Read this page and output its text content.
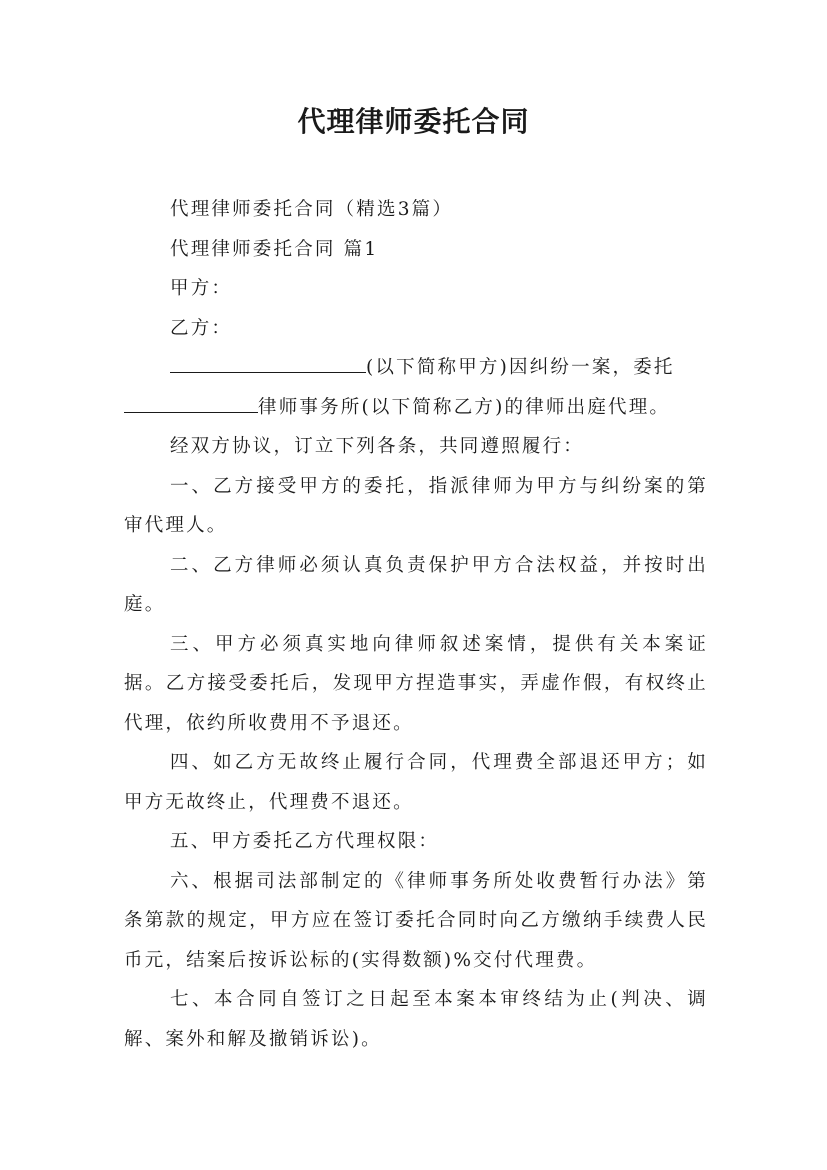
代理律师委托合同

代理律师委托合同（精选3篇）

代理律师委托合同 篇1

甲方：

乙方：

(以下简称甲方)因纠纷一案，委托

律师事务所(以下简称乙方)的律师出庭代理。

经双方协议，订立下列各条，共同遵照履行：

一、乙方接受甲方的委托，指派律师为甲方与纠纷案的第审代理人。

二、乙方律师必须认真负责保护甲方合法权益，并按时出庭。

三、甲方必须真实地向律师叙述案情，提供有关本案证据。乙方接受委托后，发现甲方捏造事实，弄虚作假，有权终止代理，依约所收费用不予退还。

四、如乙方无故终止履行合同，代理费全部退还甲方；如甲方无故终止，代理费不退还。

五、甲方委托乙方代理权限：

六、根据司法部制定的《律师事务所处收费暂行办法》第条第款的规定，甲方应在签订委托合同时向乙方缴纳手续费人民币元，结案后按诉讼标的(实得数额)%交付代理费。

七、本合同自签订之日起至本案本审终结为止(判决、调解、案外和解及撤销诉讼)。
